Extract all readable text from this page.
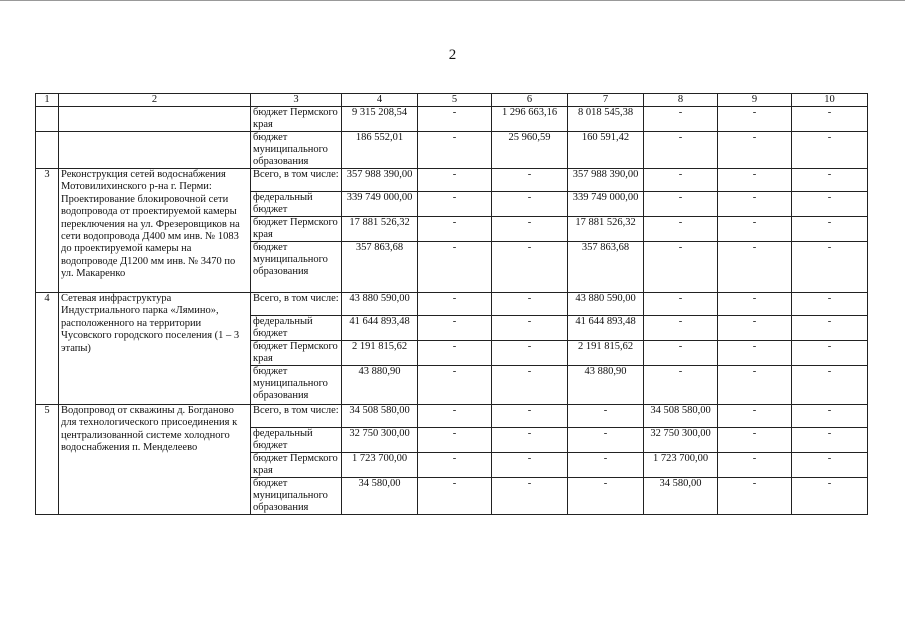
2
1	2	3	4	5	6	7	8	9	10
		бюджет Пермского края	9 315 208,54	-	1 296 663,16	8 018 545,38	-	-	-
		бюджет муниципального образования	186 552,01	-	25 960,59	160 591,42	-	-	-
3	Реконструкция сетей водоснабжения Мотовилихинского р-на г. Перми: Проектирование блокировочной сети водопровода от проектируемой камеры переключения на ул. Фрезеровщиков на сети водопровода Д400 мм инв. № 1083 до проектируемой камеры на водопроводе Д1200 мм инв. № 3470 по ул. Макаренко	Всего, в том числе:	357 988 390,00	-	-	357 988 390,00	-	-	-
		федеральный бюджет	339 749 000,00	-	-	339 749 000,00	-	-	-
		бюджет Пермского края	17 881 526,32	-	-	17 881 526,32	-	-	-
		бюджет муниципального образования	357 863,68	-	-	357 863,68	-	-	-
4	Сетевая инфраструктура Индустриального парка «Лямино», расположенного на территории Чусовского городского поселения (1 – 3 этапы)	Всего, в том числе:	43 880 590,00	-	-	43 880 590,00	-	-	-
		федеральный бюджет	41 644 893,48	-	-	41 644 893,48	-	-	-
		бюджет Пермского края	2 191 815,62	-	-	2 191 815,62	-	-	-
		бюджет муниципального образования	43 880,90	-	-	43 880,90	-	-	-
5	Водопровод от скважины д. Богданово для технологического присоединения к централизованной системе холодного водоснабжения п. Менделеево	Всего, в том числе:	34 508 580,00	-	-	-	34 508 580,00	-	-
		федеральный бюджет	32 750 300,00	-	-	-	32 750 300,00	-	-
		бюджет Пермского края	1 723 700,00	-	-	-	1 723 700,00	-	-
		бюджет муниципального образования	34 580,00	-	-	-	34 580,00	-	-
